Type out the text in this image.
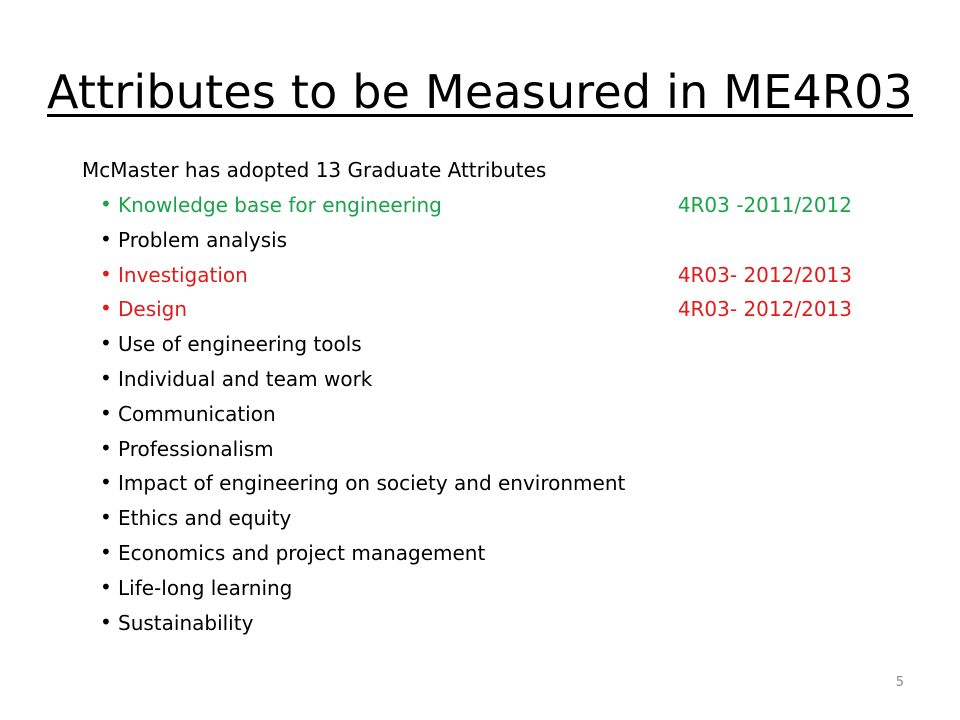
Attributes to be Measured in ME4R03
McMaster has adopted 13 Graduate Attributes
• Knowledge base for engineering	4R03 -2011/2012
• Problem analysis
• Investigation	4R03- 2012/2013
• Design	4R03- 2012/2013
• Use of engineering tools
• Individual and team work
• Communication
• Professionalism
• Impact of engineering on society and environment
• Ethics and equity
• Economics and project management
• Life-long learning
• Sustainability
5
